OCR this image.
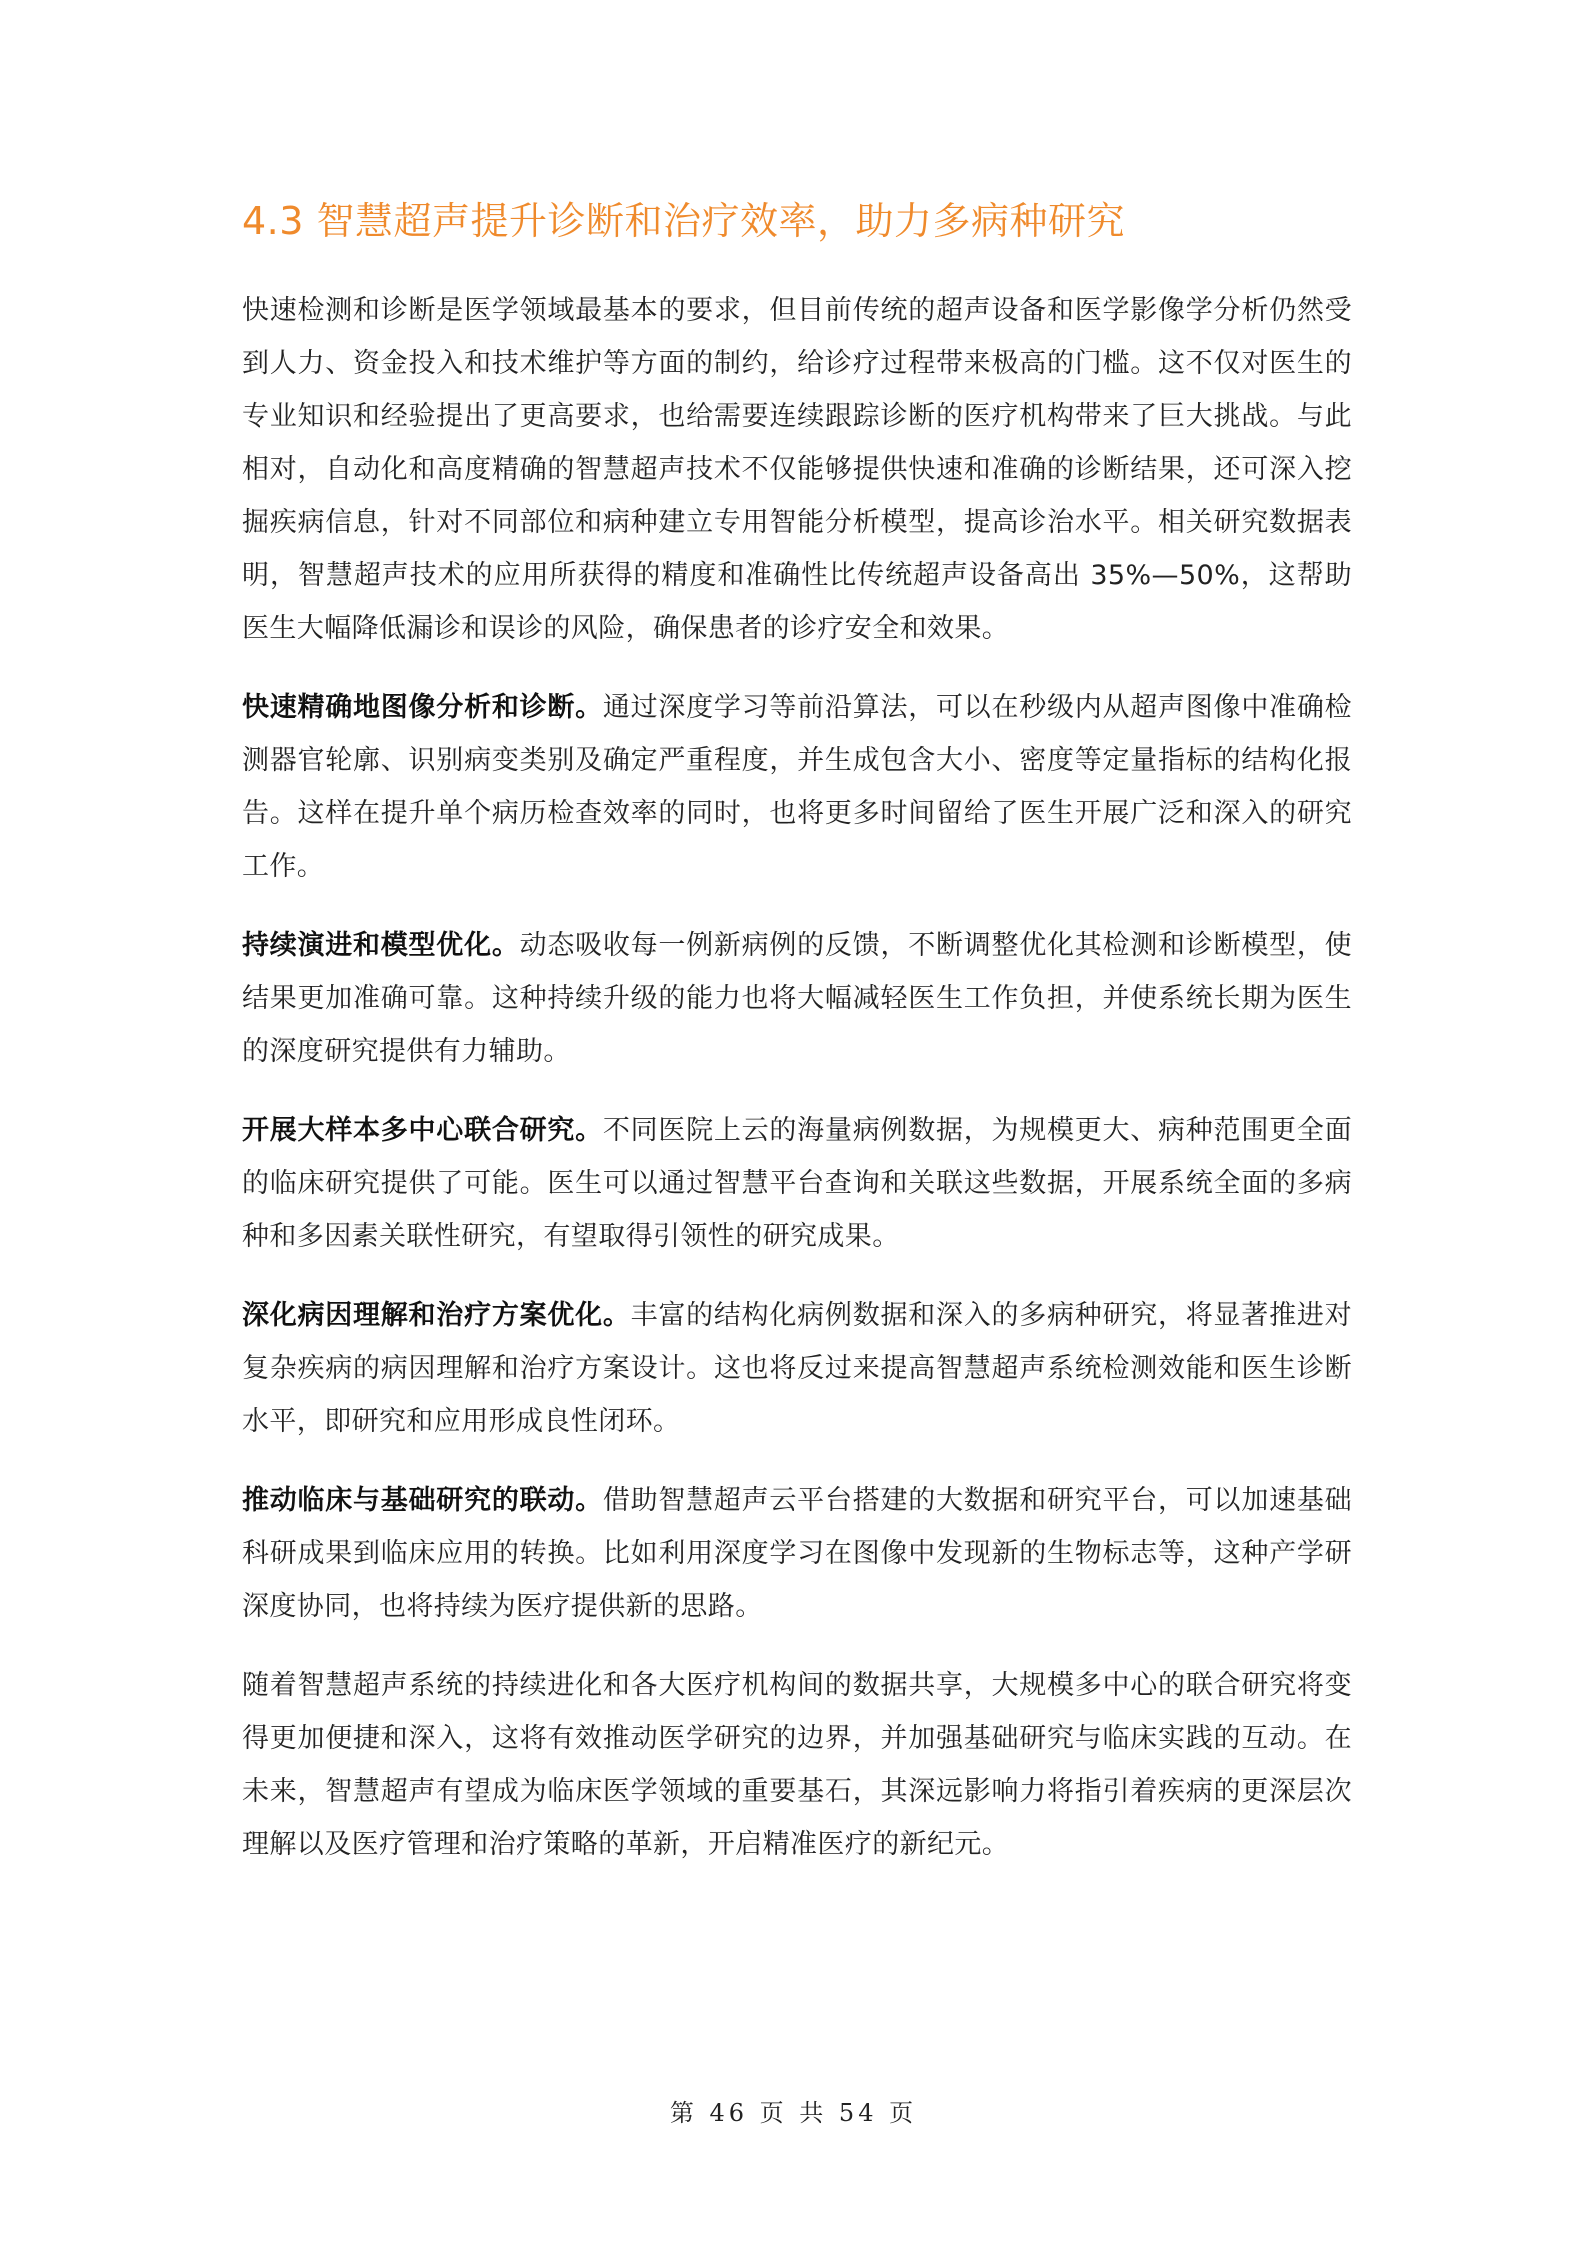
4.3 智慧超声提升诊断和治疗效率，助力多病种研究

快速检测和诊断是医学领域最基本的要求，但目前传统的超声设备和医学影像学分析仍然受到人力、资金投入和技术维护等方面的制约，给诊疗过程带来极高的门槛。这不仅对医生的专业知识和经验提出了更高要求，也给需要连续跟踪诊断的医疗机构带来了巨大挑战。与此相对，自动化和高度精确的智慧超声技术不仅能够提供快速和准确的诊断结果，还可深入挖掘疾病信息，针对不同部位和病种建立专用智能分析模型，提高诊治水平。相关研究数据表明，智慧超声技术的应用所获得的精度和准确性比传统超声设备高出 35%—50%，这帮助医生大幅降低漏诊和误诊的风险，确保患者的诊疗安全和效果。

快速精确地图像分析和诊断。通过深度学习等前沿算法，可以在秒级内从超声图像中准确检测器官轮廓、识别病变类别及确定严重程度，并生成包含大小、密度等定量指标的结构化报告。这样在提升单个病历检查效率的同时，也将更多时间留给了医生开展广泛和深入的研究工作。

持续演进和模型优化。动态吸收每一例新病例的反馈，不断调整优化其检测和诊断模型，使结果更加准确可靠。这种持续升级的能力也将大幅减轻医生工作负担，并使系统长期为医生的深度研究提供有力辅助。

开展大样本多中心联合研究。不同医院上云的海量病例数据，为规模更大、病种范围更全面的临床研究提供了可能。医生可以通过智慧平台查询和关联这些数据，开展系统全面的多病种和多因素关联性研究，有望取得引领性的研究成果。

深化病因理解和治疗方案优化。丰富的结构化病例数据和深入的多病种研究，将显著推进对复杂疾病的病因理解和治疗方案设计。这也将反过来提高智慧超声系统检测效能和医生诊断水平，即研究和应用形成良性闭环。

推动临床与基础研究的联动。借助智慧超声云平台搭建的大数据和研究平台，可以加速基础科研成果到临床应用的转换。比如利用深度学习在图像中发现新的生物标志等，这种产学研深度协同，也将持续为医疗提供新的思路。

随着智慧超声系统的持续进化和各大医疗机构间的数据共享，大规模多中心的联合研究将变得更加便捷和深入，这将有效推动医学研究的边界，并加强基础研究与临床实践的互动。在未来，智慧超声有望成为临床医学领域的重要基石，其深远影响力将指引着疾病的更深层次理解以及医疗管理和治疗策略的革新，开启精准医疗的新纪元。

第 46 页 共 54 页
